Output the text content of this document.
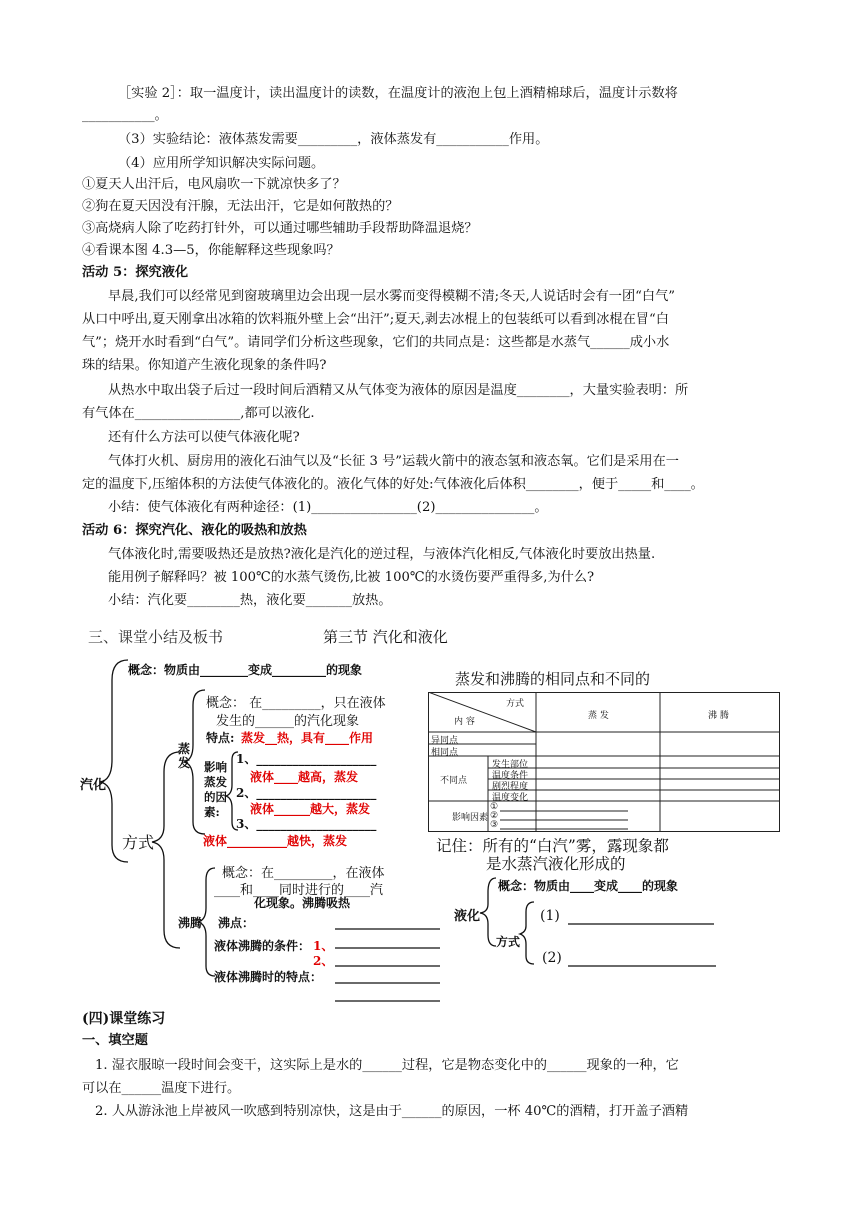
［实验 2］：取一温度计，读出温度计的读数，在温度计的液泡上包上酒精棉球后，温度计示数将
___________。
（3）实验结论：液体蒸发需要_________，液体蒸发有___________作用。
（4）应用所学知识解决实际问题。
①夏天人出汗后，电风扇吹一下就凉快多了？
②狗在夏天因没有汗腺，无法出汗，它是如何散热的？
③高烧病人除了吃药打针外，可以通过哪些辅助手段帮助降温退烧？
④看课本图 4.3—5，你能解释这些现象吗？
活动 5：探究液化
早晨,我们可以经常见到窗玻璃里边会出现一层水雾而变得模糊不清;冬天,人说话时会有一团“白气”
从口中呼出,夏天刚拿出冰箱的饮料瓶外壁上会“出汗”;夏天,剥去冰棍上的包装纸可以看到冰棍在冒“白
气”；烧开水时看到“白气”。请同学们分析这些现象，它们的共同点是：这些都是水蒸气______成小水
珠的结果。你知道产生液化现象的条件吗?
从热水中取出袋子后过一段时间后酒精又从气体变为液体的原因是温度________，大量实验表明：所
有气体在________________,都可以液化.
还有什么方法可以使气体液化呢?
气体打火机、厨房用的液化石油气以及“长征 3 号”运载火箭中的液态氢和液态氧。它们是采用在一
定的温度下,压缩体积的方法使气体液化的。液化气体的好处:气体液化后体积________，便于_____和____。
小结：使气体液化有两种途径：(1)________________(2)_______________。
活动 6：探究汽化、液化的吸热和放热
气体液化时,需要吸热还是放热?液化是汽化的逆过程，与液体汽化相反,气体液化时要放出热量.
能用例子解释吗？被 100℃的水蒸气烫伤,比被 100℃的水烫伤要严重得多,为什么?
小结：汽化要________热，液化要_______放热。
三、课堂小结及板书	第三节 汽化和液化
概念：物质由________变成_________的现象
汽化
方式
蒸发
概念： 在_________，只在液体
发生的______的汽化现象
特点: 蒸发__热，具有____作用
影响蒸发的因素:
1、____________________
液体____越高，蒸发
2、____________________
液体______越大，蒸发
3、____________________
液体__________越快，蒸发
沸腾
概念：在_________，在液体
____和____同时进行的____汽
化现象。沸腾吸热
沸点：
液体沸腾的条件： 1、
2、
液体沸腾时的特点：
蒸发和沸腾的相同点和不同的
方式
内 容
蒸 发	沸 腾
异同点
相同点
不同点
发生部位
温度条件
剧烈程度
温度变化
影响因素
①
②
③
记住：所有的“白汽”雾，露现象都
是水蒸汽液化形成的
液化
概念：物质由____变成____的现象
方式
(1)
(2)
(四)课堂练习
一、填空题
1. 湿衣服晾一段时间会变干，这实际上是水的______过程，它是物态变化中的______现象的一种，它
可以在______温度下进行。
2. 人从游泳池上岸被风一吹感到特别凉快，这是由于______的原因，一杯 40℃的酒精，打开盖子酒精
